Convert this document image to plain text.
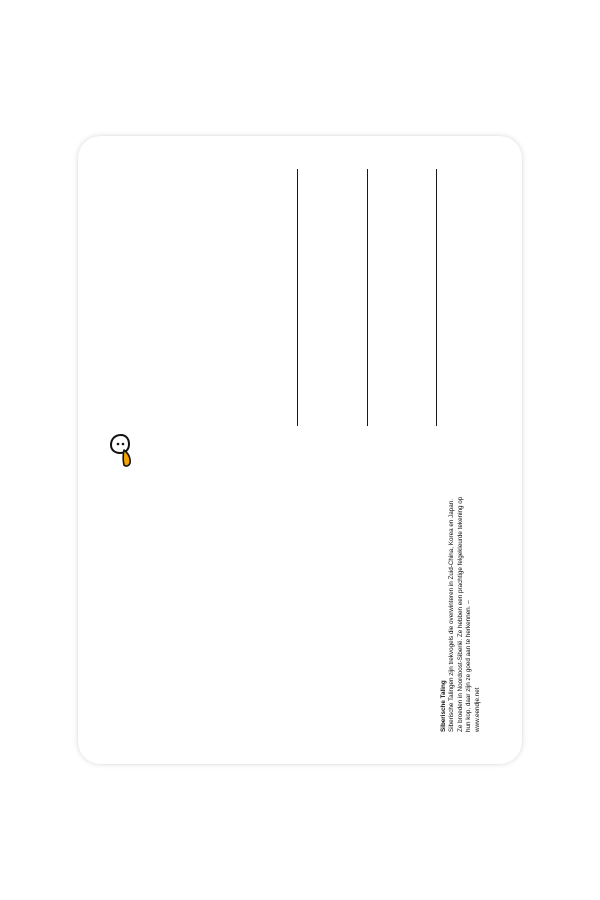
Siberische Taling Siberische Talingen zijn trekvogels die overwinteren in Zuid-China, Korea en Japan. Ze broeden in Noordoost-Siberië. Ze hebben een prachtige felgekleurde tekening op hun kop, daar zijn ze goed aan te herkennen. – www.eendje.net
